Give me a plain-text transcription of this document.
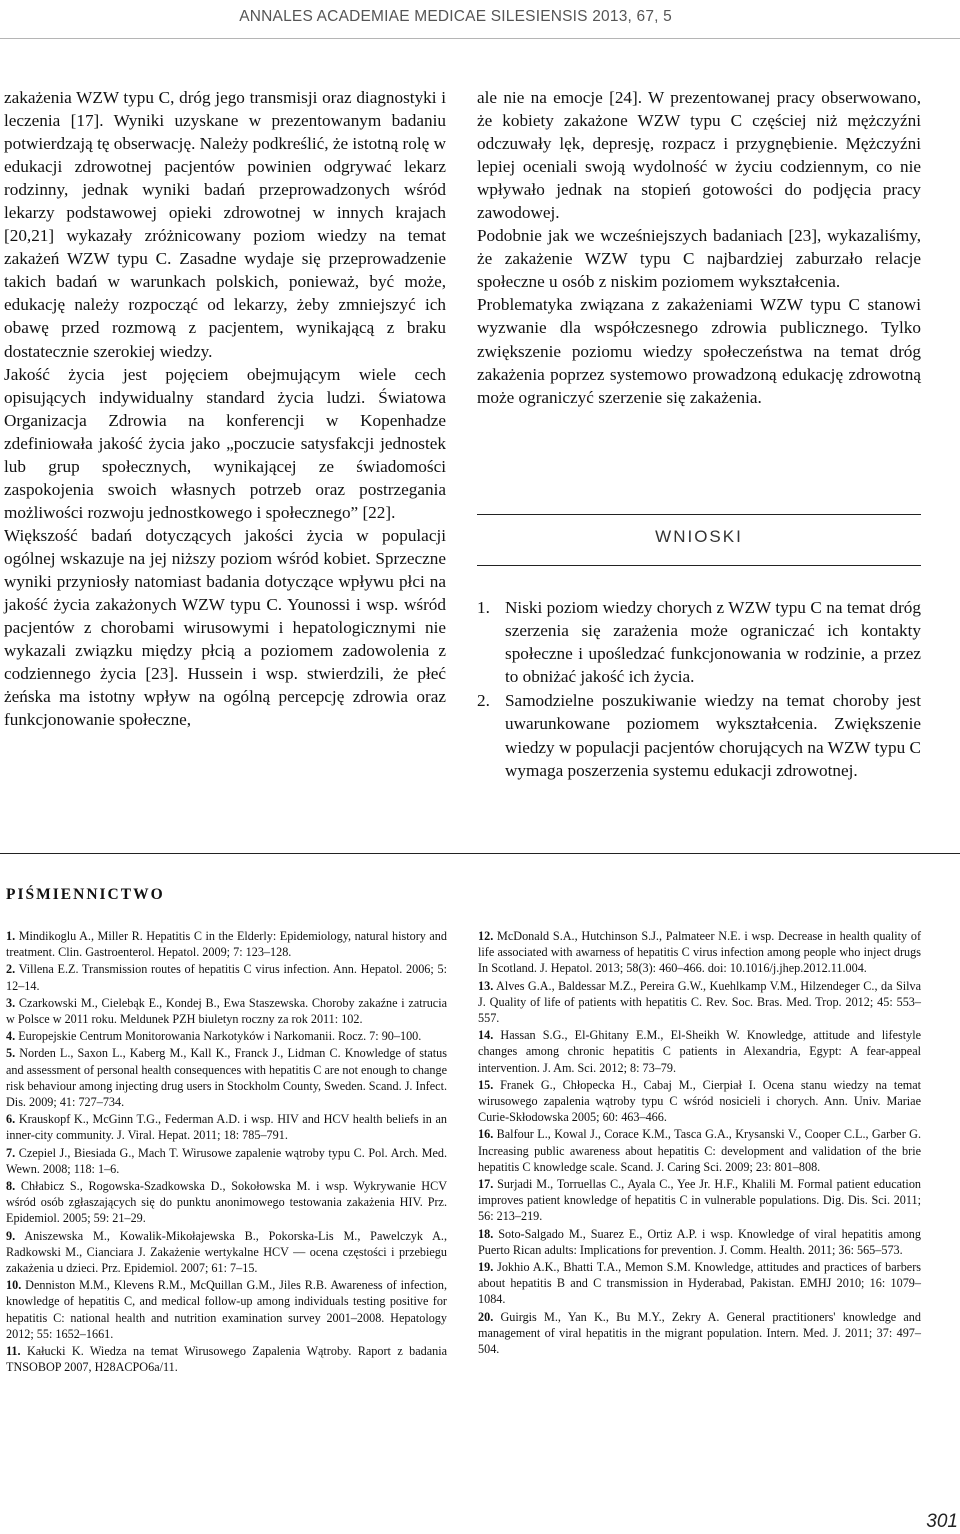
ANNALES ACADEMIAE MEDICAE SILESIENSIS 2013, 67, 5

zakażenia WZW typu C, dróg jego transmisji oraz diagnostyki i leczenia [17]. Wyniki uzyskane w prezentowanym badaniu potwierdzają tę obserwację. Należy podkreślić, że istotną rolę w edukacji zdrowotnej pacjentów powinien odgrywać lekarz rodzinny, jednak wyniki badań przeprowadzonych wśród lekarzy podstawowej opieki zdrowotnej w innych krajach [20,21] wykazały zróżnicowany poziom wiedzy na temat zakażeń WZW typu C. Zasadne wydaje się przeprowadzenie takich badań w warunkach polskich, ponieważ, być może, edukację należy rozpocząć od lekarzy, żeby zmniejszyć ich obawę przed rozmową z pacjentem, wynikającą z braku dostatecznie szerokiej wiedzy.

Jakość życia jest pojęciem obejmującym wiele cech opisujących indywidualny standard życia ludzi. Światowa Organizacja Zdrowia na konferencji w Kopenhadze zdefiniowała jakość życia jako „poczucie satysfakcji jednostek lub grup społecznych, wynikającej ze świadomości zaspokojenia swoich własnych potrzeb oraz postrzegania możliwości rozwoju jednostkowego i społecznego” [22].

Większość badań dotyczących jakości życia w populacji ogólnej wskazuje na jej niższy poziom wśród kobiet. Sprzeczne wyniki przyniosły natomiast badania dotyczące wpływu płci na jakość życia zakażonych WZW typu C. Younossi i wsp. wśród pacjentów z chorobami wirusowymi i hepatologicznymi nie wykazali związku między płcią a poziomem zadowolenia z codziennego życia [23]. Hussein i wsp. stwierdzili, że płeć żeńska ma istotny wpływ na ogólną percepcję zdrowia oraz funkcjonowanie społeczne,

ale nie na emocje [24]. W prezentowanej pracy obserwowano, że kobiety zakażone WZW typu C częściej niż mężczyźni odczuwały lęk, depresję, rozpacz i przygnębienie. Mężczyźni lepiej oceniali swoją wydolność w życiu codziennym, co nie wpływało jednak na stopień gotowości do podjęcia pracy zawodowej.

Podobnie jak we wcześniejszych badaniach [23], wykazaliśmy, że zakażenie WZW typu C najbardziej zaburzało relacje społeczne u osób z niskim poziomem wykształcenia.

Problematyka związana z zakażeniami WZW typu C stanowi wyzwanie dla współczesnego zdrowia publicznego. Tylko zwiększenie poziomu wiedzy społeczeństwa na temat dróg zakażenia poprzez systemowo prowadzoną edukację zdrowotną może ograniczyć szerzenie się zakażenia.

WNIOSKI
1. Niski poziom wiedzy chorych z WZW typu C na temat dróg szerzenia się zarażenia może ograniczać ich kontakty społeczne i upośledzać funkcjonowania w rodzinie, a przez to obniżać jakość ich życia.
2. Samodzielne poszukiwanie wiedzy na temat choroby jest uwarunkowane poziomem wykształcenia. Zwiększenie wiedzy w populacji pacjentów chorujących na WZW typu C wymaga poszerzenia systemu edukacji zdrowotnej.
PIŚMIENNICTWO
1. Mindikoglu A., Miller R. Hepatitis C in the Elderly: Epidemiology, natural history and treatment. Clin. Gastroenterol. Hepatol. 2009; 7: 123–128.
2. Villena E.Z. Transmission routes of hepatitis C virus infection. Ann. Hepatol. 2006; 5: 12–14.
3. Czarkowski M., Cielebąk E., Kondej B., Ewa Staszewska. Choroby zakaźne i zatrucia w Polsce w 2011 roku. Meldunek PZH biuletyn roczny za rok 2011: 102.
4. Europejskie Centrum Monitorowania Narkotyków i Narkomanii. Rocz. 7: 90–100.
5. Norden L., Saxon L., Kaberg M., Kall K., Franck J., Lidman C. Knowledge of status and assessment of personal health consequences with hepatitis C are not enough to change risk behaviour among injecting drug users in Stockholm County, Sweden. Scand. J. Infect. Dis. 2009; 41: 727–734.
6. Krauskopf K., McGinn T.G., Federman A.D. i wsp. HIV and HCV health beliefs in an inner-city community. J. Viral. Hepat. 2011; 18: 785–791.
7. Czepiel J., Biesiada G., Mach T. Wirusowe zapalenie wątroby typu C. Pol. Arch. Med. Wewn. 2008; 118: 1–6.
8. Chłabicz S., Rogowska-Szadkowska D., Sokołowska M. i wsp. Wykrywanie HCV wśród osób zgłaszających się do punktu anonimowego testowania zakażenia HIV. Prz. Epidemiol. 2005; 59: 21–29.
9. Aniszewska M., Kowalik-Mikołajewska B., Pokorska-Lis M., Pawelczyk A., Radkowski M., Cianciara J. Zakażenie wertykalne HCV — ocena częstości i przebiegu zakażenia u dzieci. Prz. Epidemiol. 2007; 61: 7–15.
10. Denniston M.M., Klevens R.M., McQuillan G.M., Jiles R.B. Awareness of infection, knowledge of hepatitis C, and medical follow-up among individuals testing positive for hepatitis C: national health and nutrition examination survey 2001–2008. Hepatology 2012; 55: 1652–1661.
11. Kałucki K. Wiedza na temat Wirusowego Zapalenia Wątroby. Raport z badania TNSOBOP 2007, H28ACPO6a/11.
12. McDonald S.A., Hutchinson S.J., Palmateer N.E. i wsp. Decrease in health quality of life associated with awarness of hepatitis C virus infection among people who inject drugs In Scotland. J. Hepatol. 2013; 58(3): 460–466. doi: 10.1016/j.jhep.2012.11.004.
13. Alves G.A., Baldessar M.Z., Pereira G.W., Kuehlkamp V.M., Hilzendeger C., da Silva J. Quality of life of patients with hepatitis C. Rev. Soc. Bras. Med. Trop. 2012; 45: 553–557.
14. Hassan S.G., El-Ghitany E.M., El-Sheikh W. Knowledge, attitude and lifestyle changes among chronic hepatitis C patients in Alexandria, Egypt: A fear-appeal intervention. J. Am. Sci. 2012; 8: 73–79.
15. Franek G., Chłopecka H., Cabaj M., Cierpiał I. Ocena stanu wiedzy na temat wirusowego zapalenia wątroby typu C wśród nosicieli i chorych. Ann. Univ. Mariae Curie-Skłodowska 2005; 60: 463–466.
16. Balfour L., Kowal J., Corace K.M., Tasca G.A., Krysanski V., Cooper C.L., Garber G. Increasing public awareness about hepatitis C: development and validation of the brie hepatitis C knowledge scale. Scand. J. Caring Sci. 2009; 23: 801–808.
17. Surjadi M., Torruellas C., Ayala C., Yee Jr. H.F., Khalili M. Formal patient education improves patient knowledge of hepatitis C in vulnerable populations. Dig. Dis. Sci. 2011; 56: 213–219.
18. Soto-Salgado M., Suarez E., Ortiz A.P. i wsp. Knowledge of viral hepatitis among Puerto Rican adults: Implications for prevention. J. Comm. Health. 2011; 36: 565–573.
19. Jokhio A.K., Bhatti T.A., Memon S.M. Knowledge, attitudes and practices of barbers about hepatitis B and C transmission in Hyderabad, Pakistan. EMHJ 2010; 16: 1079–1084.
20. Guirgis M., Yan K., Bu M.Y., Zekry A. General practitioners' knowledge and management of viral hepatitis in the migrant population. Intern. Med. J. 2011; 37: 497–504.
301
